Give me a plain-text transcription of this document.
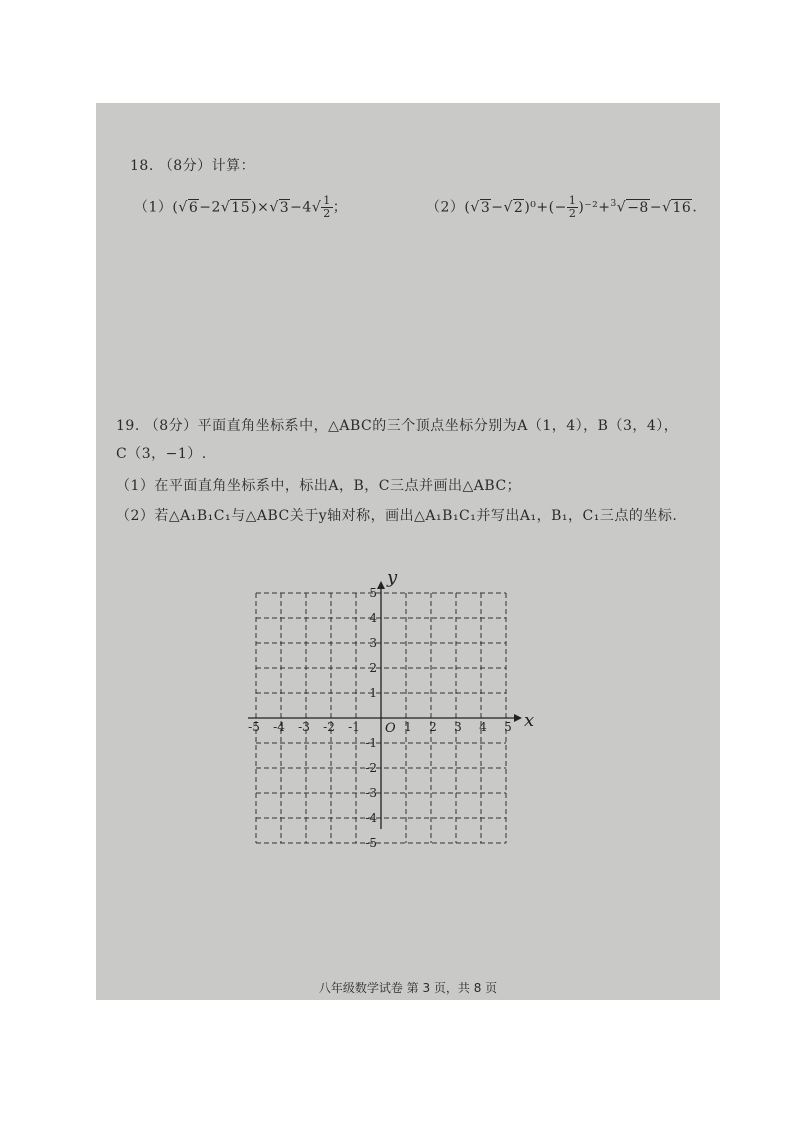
18. （8分）计算：
$(1)(√6-2√15)\times√3-4√ \frac{1}{2}$ ；	$(2)(√3-√2)^0+(- \frac{1}{2} )^{-2}+^3√-8-√16$.
19. （8分）平面直角坐标系中，△ABC的三个顶点坐标分别为A（1，4），B（3，4），
C（3，−1）.
（1）在平面直角坐标系中，标出A，B，C三点并画出△ABC；
（2）若△A₁B₁C₁与△ABC关于y轴对称，画出△A₁B₁C₁并写出A₁，B₁，C₁三点的坐标.
-5 -4 -3 -2 -1	1 2 3 4 5
5
4
3
2
1
-1
-2
-3
-4
-5
O	x
y
八年级数学试卷 第 3 页，共 8 页
